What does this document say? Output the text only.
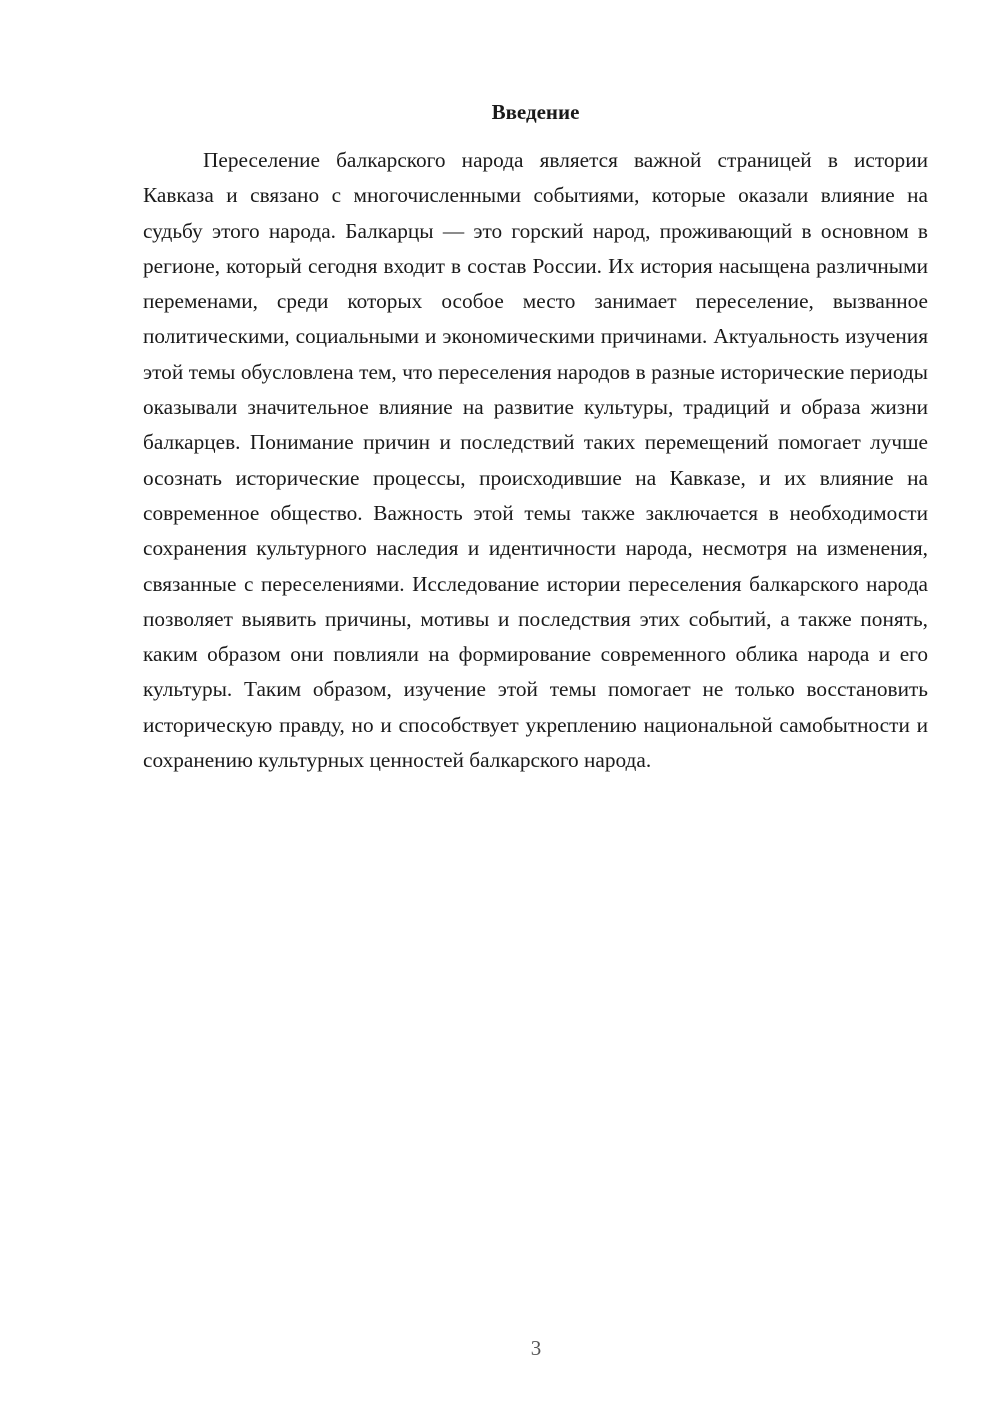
Введение

Переселение балкарского народа является важной страницей в истории Кавказа и связано с многочисленными событиями, которые оказали влияние на судьбу этого народа. Балкарцы — это горский народ, проживающий в основном в регионе, который сегодня входит в состав России. Их история насыщена различными переменами, среди которых особое место занимает переселение, вызванное политическими, социальными и экономическими причинами. Актуальность изучения этой темы обусловлена тем, что переселения народов в разные исторические периоды оказывали значительное влияние на развитие культуры, традиций и образа жизни балкарцев. Понимание причин и последствий таких перемещений помогает лучше осознать исторические процессы, происходившие на Кавказе, и их влияние на современное общество. Важность этой темы также заключается в необходимости сохранения культурного наследия и идентичности народа, несмотря на изменения, связанные с переселениями. Исследование истории переселения балкарского народа позволяет выявить причины, мотивы и последствия этих событий, а также понять, каким образом они повлияли на формирование современного облика народа и его культуры. Таким образом, изучение этой темы помогает не только восстановить историческую правду, но и способствует укреплению национальной самобытности и сохранению культурных ценностей балкарского народа.

3
